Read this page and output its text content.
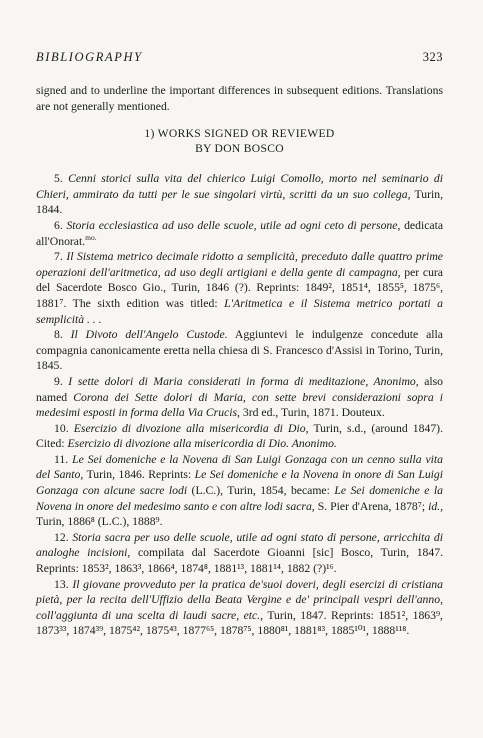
BIBLIOGRAPHY	323

signed and to underline the important differences in subsequent editions. Translations are not generally mentioned.

1) WORKS SIGNED OR REVIEWED
BY DON BOSCO

5. Cenni storici sulla vita del chierico Luigi Comollo, morto nel seminario di Chieri, ammirato da tutti per le sue singolari virtù, scritti da un suo collega, Turin, 1844.

6. Storia ecclesiastica ad uso delle scuole, utile ad ogni ceto di persone, dedicata all'Onorat.$^{mo.}$

7. Il Sistema metrico decimale ridotto a semplicità, preceduto dalle quattro prime operazioni dell'aritmetica, ad uso degli artigiani e della gente di campagna, per cura del Sacerdote Bosco Gio., Turin, 1846 (?). Reprints: 1849², 1851⁴, 1855⁵, 1875⁶, 1881⁷. The sixth edition was titled: L'Aritmetica e il Sistema metrico portati a semplicità . . .

8. Il Divoto dell'Angelo Custode. Aggiuntevi le indulgenze concedute alla compagnia canonicamente eretta nella chiesa di S. Francesco d'Assisi in Torino, Turin, 1845.

9. I sette dolori di Maria considerati in forma di meditazione, Anonimo, also named Corona dei Sette dolori di Maria, con sette brevi considerazioni sopra i medesimi esposti in forma della Via Crucis, 3rd ed., Turin, 1871. Douteux.

10. Esercizio di divozione alla misericordia di Dio, Turin, s.d., (around 1847). Cited: Esercizio di divozione alla misericordia di Dio. Anonimo.

11. Le Sei domeniche e la Novena di San Luigi Gonzaga con un cenno sulla vita del Santo, Turin, 1846. Reprints: Le Sei domeniche e la Novena in onore di San Luigi Gonzaga con alcune sacre lodi (L.C.), Turin, 1854, became: Le Sei domeniche e la Novena in onore del medesimo santo e con altre lodi sacra, S. Pier d'Arena, 1878⁷; id., Turin, 1886⁸ (L.C.), 1888⁹.

12. Storia sacra per uso delle scuole, utile ad ogni stato di persone, arricchita di analoghe incisioni, compilata dal Sacerdote Gioanni [sic] Bosco, Turin, 1847. Reprints: 1853², 1863³, 1866⁴, 1874⁸, 1881¹³, 1881¹⁴, 1882 (?)¹⁶.

13. Il giovane provveduto per la pratica de'suoi doveri, degli esercizi di cristiana pietà, per la recita dell'Uffizio della Beata Vergine e de' principali vespri dell'anno, coll'aggiunta di una scelta di laudi sacre, etc., Turin, 1847. Reprints: 1851², 1863⁹, 1873³³, 1874³⁹, 1875⁴², 1875⁴³, 1877⁶⁵, 1878⁷⁵, 1880⁸¹, 1881⁸³, 1885¹⁰¹, 1888¹¹⁸.
